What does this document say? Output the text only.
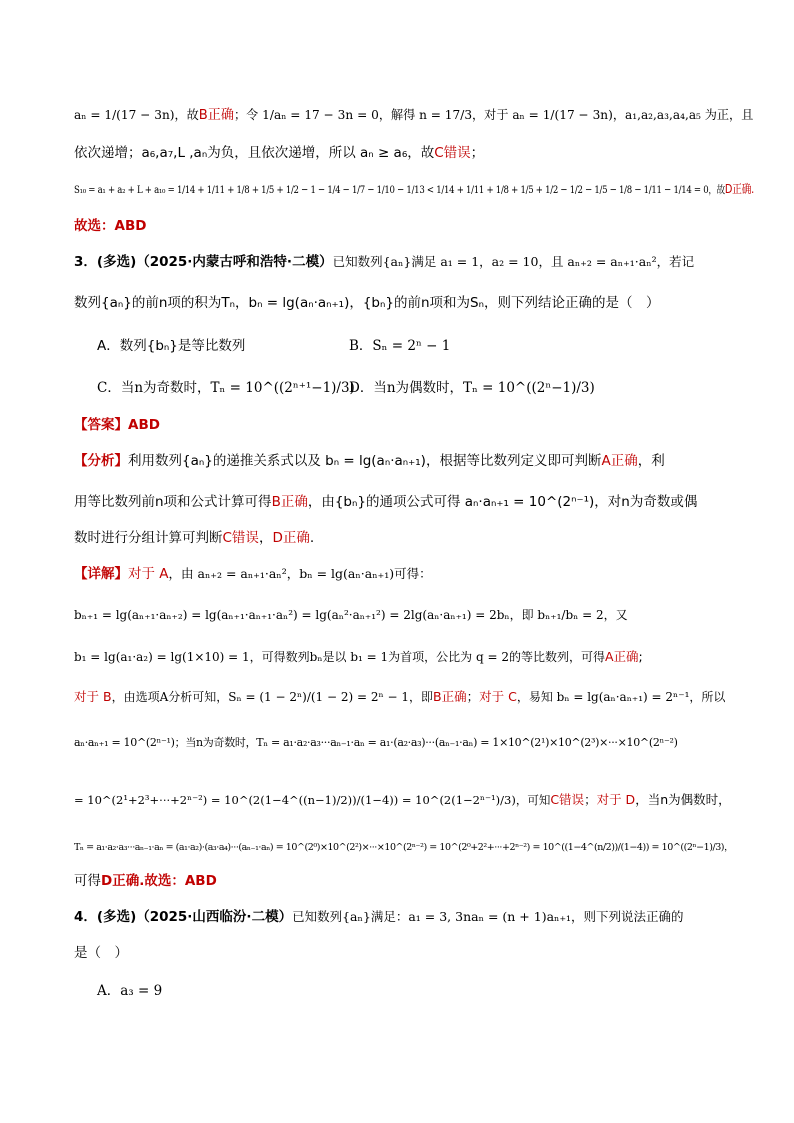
aₙ = 1/(17 − 3n)，故B正确；令 1/aₙ = 17 − 3n = 0，解得 n = 17/3，对于 aₙ = 1/(17 − 3n)，a₁,a₂,a₃,a₄,a₅ 为正，且
依次递增；a₆,a₇,L ,aₙ为负，且依次递增，所以 aₙ ≥ a₆，故C错误；
S₁₀ = a₁ + a₂ + L + a₁₀ = 1/14 + 1/11 + 1/8 + 1/5 + 1/2 − 1 − 1/4 − 1/7 − 1/10 − 1/13 < 1/14 + 1/11 + 1/8 + 1/5 + 1/2 − 1/2 − 1/5 − 1/8 − 1/11 − 1/14 = 0，故D正确.
故选：ABD
3．(多选)（2025·内蒙古呼和浩特·二模）已知数列{aₙ}满足 a₁ = 1，a₂ = 10，且 aₙ₊₂ = aₙ₊₁·aₙ²，若记
数列{aₙ}的前n项的积为Tₙ，bₙ = lg(aₙ·aₙ₊₁)，{bₙ}的前n项和为Sₙ，则下列结论正确的是（　）
A．数列{bₙ}是等比数列	B．Sₙ = 2ⁿ − 1
C．当n为奇数时，Tₙ = 10^((2ⁿ⁺¹−1)/3)
D．当n为偶数时，Tₙ = 10^((2ⁿ−1)/3)
【答案】ABD
【分析】利用数列{aₙ}的递推关系式以及 bₙ = lg(aₙ·aₙ₊₁)，根据等比数列定义即可判断A正确，利
用等比数列前n项和公式计算可得B正确，由{bₙ}的通项公式可得 aₙ·aₙ₊₁ = 10^(2ⁿ⁻¹)，对n为奇数或偶
数时进行分组计算可判断C错误，D正确.
【详解】对于 A，由 aₙ₊₂ = aₙ₊₁·aₙ²，bₙ = lg(aₙ·aₙ₊₁)可得：
bₙ₊₁ = lg(aₙ₊₁·aₙ₊₂) = lg(aₙ₊₁·aₙ₊₁·aₙ²) = lg(aₙ²·aₙ₊₁²) = 2lg(aₙ·aₙ₊₁) = 2bₙ，即 bₙ₊₁/bₙ = 2，又
b₁ = lg(a₁·a₂) = lg(1×10) = 1，可得数列bₙ是以 b₁ = 1为首项，公比为 q = 2的等比数列，可得A正确;
对于 B，由选项A分析可知，Sₙ = (1 − 2ⁿ)/(1 − 2) = 2ⁿ − 1，即B正确；对于 C，易知 bₙ = lg(aₙ·aₙ₊₁) = 2ⁿ⁻¹，所以
aₙ·aₙ₊₁ = 10^(2ⁿ⁻¹)；当n为奇数时，Tₙ = a₁·a₂·a₃···aₙ₋₁·aₙ = a₁·(a₂·a₃)···(aₙ₋₁·aₙ) = 1×10^(2¹)×10^(2³)×···×10^(2ⁿ⁻²)
= 10^(2¹+2³+···+2ⁿ⁻²) = 10^(2(1−4^((n−1)/2))/(1−4)) = 10^(2(1−2ⁿ⁻¹)/3)，可知C错误；对于 D，当n为偶数时，
Tₙ = a₁·a₂·a₃···aₙ₋₁·aₙ = (a₁·a₂)·(a₃·a₄)···(aₙ₋₁·aₙ) = 10^(2⁰)×10^(2²)×···×10^(2ⁿ⁻²) = 10^(2⁰+2²+···+2ⁿ⁻²) = 10^((1−4^(n/2))/(1−4)) = 10^((2ⁿ−1)/3)，
可得D正确.故选：ABD
4．(多选)（2025·山西临汾·二模）已知数列{aₙ}满足：a₁ = 3, 3naₙ = (n + 1)aₙ₊₁，则下列说法正确的
是（　）
A．a₃ = 9
